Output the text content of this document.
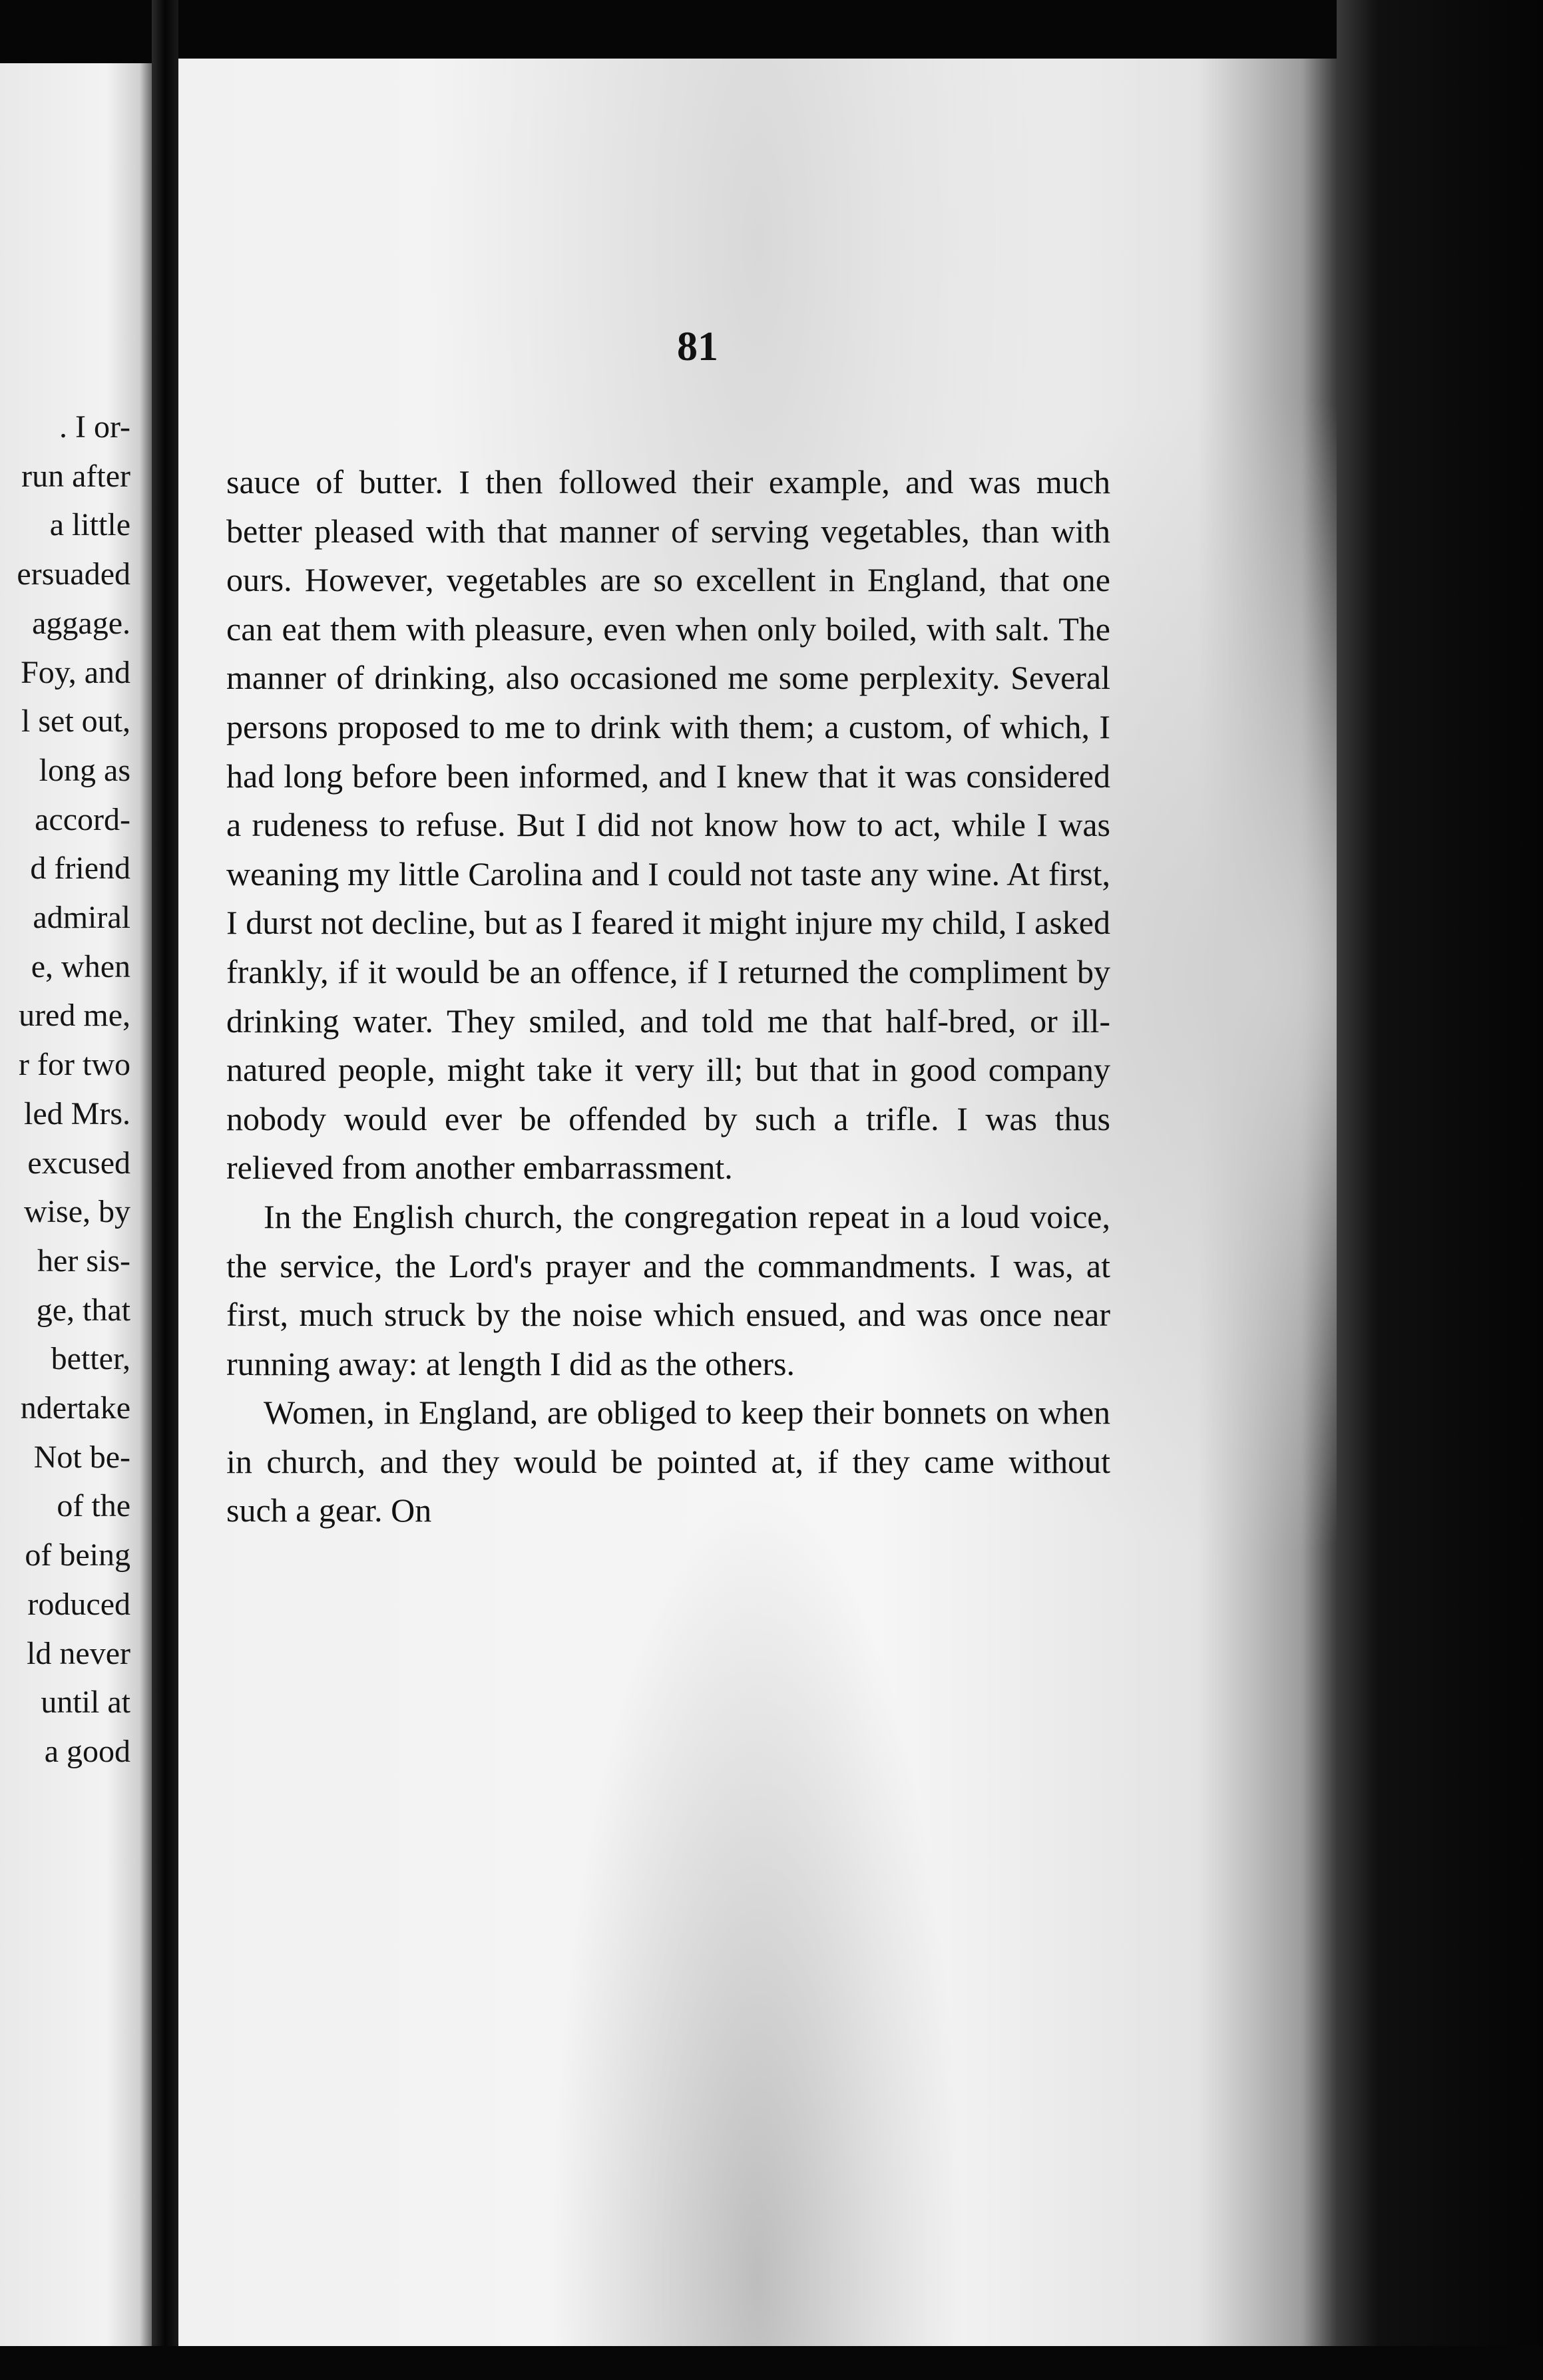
. I or-
run after
a little
ersuaded
aggage.
Foy, and
l set out,
long as
accord-
d friend
admiral
e, when
ured me,
r for two
led Mrs.
excused
wise, by
her sis-
ge, that
better,
ndertake
Not be-
of the
of being
roduced
ld never
until at
a good
81

sauce of butter. I then followed their example, and was much better pleased with that manner of serving vegetables, than with ours. However, vegetables are so excellent in England, that one can eat them with pleasure, even when only boiled, with salt. The manner of drinking, also occasioned me some perplexity. Several persons proposed to me to drink with them; a custom, of which, I had long before been informed, and I knew that it was considered a rudeness to refuse. But I did not know how to act, while I was weaning my little Carolina and I could not taste any wine. At first, I durst not decline, but as I feared it might injure my child, I asked frankly, if it would be an offence, if I returned the compliment by drinking water. They smiled, and told me that half-bred, or ill-natured people, might take it very ill; but that in good company nobody would ever be offended by such a trifle. I was thus relieved from another embarrassment.

In the English church, the congregation repeat in a loud voice, the service, the Lord's prayer and the commandments. I was, at first, much struck by the noise which ensued, and was once near running away: at length I did as the others.

Women, in England, are obliged to keep their bonnets on when in church, and they would be pointed at, if they came without such a gear. On
